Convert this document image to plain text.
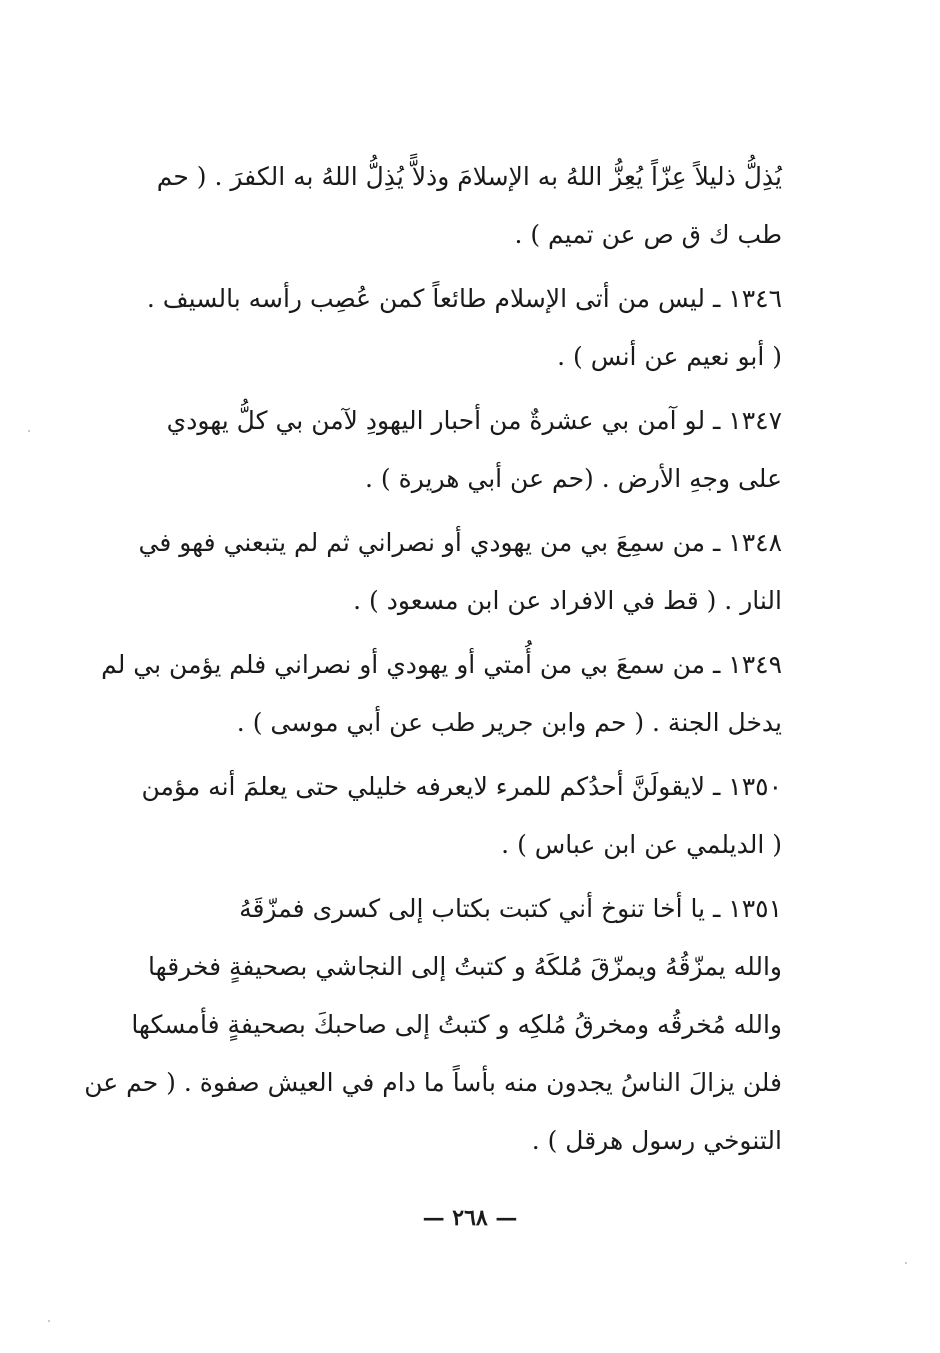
يُذِلُّ ذليلاً عِزّاً يُعِزُّ اللهُ به الإسلامَ وذلاًّ يُذِلُّ اللهُ به الكفرَ . ( حم
طب ك ق ص عن تميم ) .
١٣٤٦ ـ ليس من أتى الإسلام طائعاً كمن عُصِب رأسه بالسيف .
( أبو نعيم عن أنس ) .
١٣٤٧ ـ لو آمن بي عشرةٌ من أحبار اليهودِ لآمن بي كلُّ يهودي
على وجهِ الأرض . (حم عن أبي هريرة ) .
١٣٤٨ ـ من سمِعَ بي من يهودي أو نصراني ثم لم يتبعني فهو في
النار . ( قط في الافراد عن ابن مسعود ) .
١٣٤٩ ـ من سمعَ بي من أُمتي أو يهودي أو نصراني فلم يؤمن بي لم
يدخل الجنة . ( حم وابن جرير طب عن أبي موسى ) .
١٣٥٠ ـ لايقولَنَّ أحدُكم للمرء لايعرفه خليلي حتى يعلمَ أنه مؤمن
( الديلمي عن ابن عباس ) .
١٣٥١ ـ يا أخا تنوخ أني كتبت بكتاب إلى كسرى فمزّقَهُ
والله يمزّقُهُ ويمزّقَ مُلكَهُ و كتبتُ إلى النجاشي بصحيفةٍ فخرقها
والله مُخرقُه ومخرقُ مُلكِه و كتبتُ إلى صاحبكَ بصحيفةٍ فأمسكها
فلن يزالَ الناسُ يجدون منه بأساً ما دام في العيش صفوة . ( حم عن
التنوخي رسول هرقل ) .
— ٢٦٨ —
